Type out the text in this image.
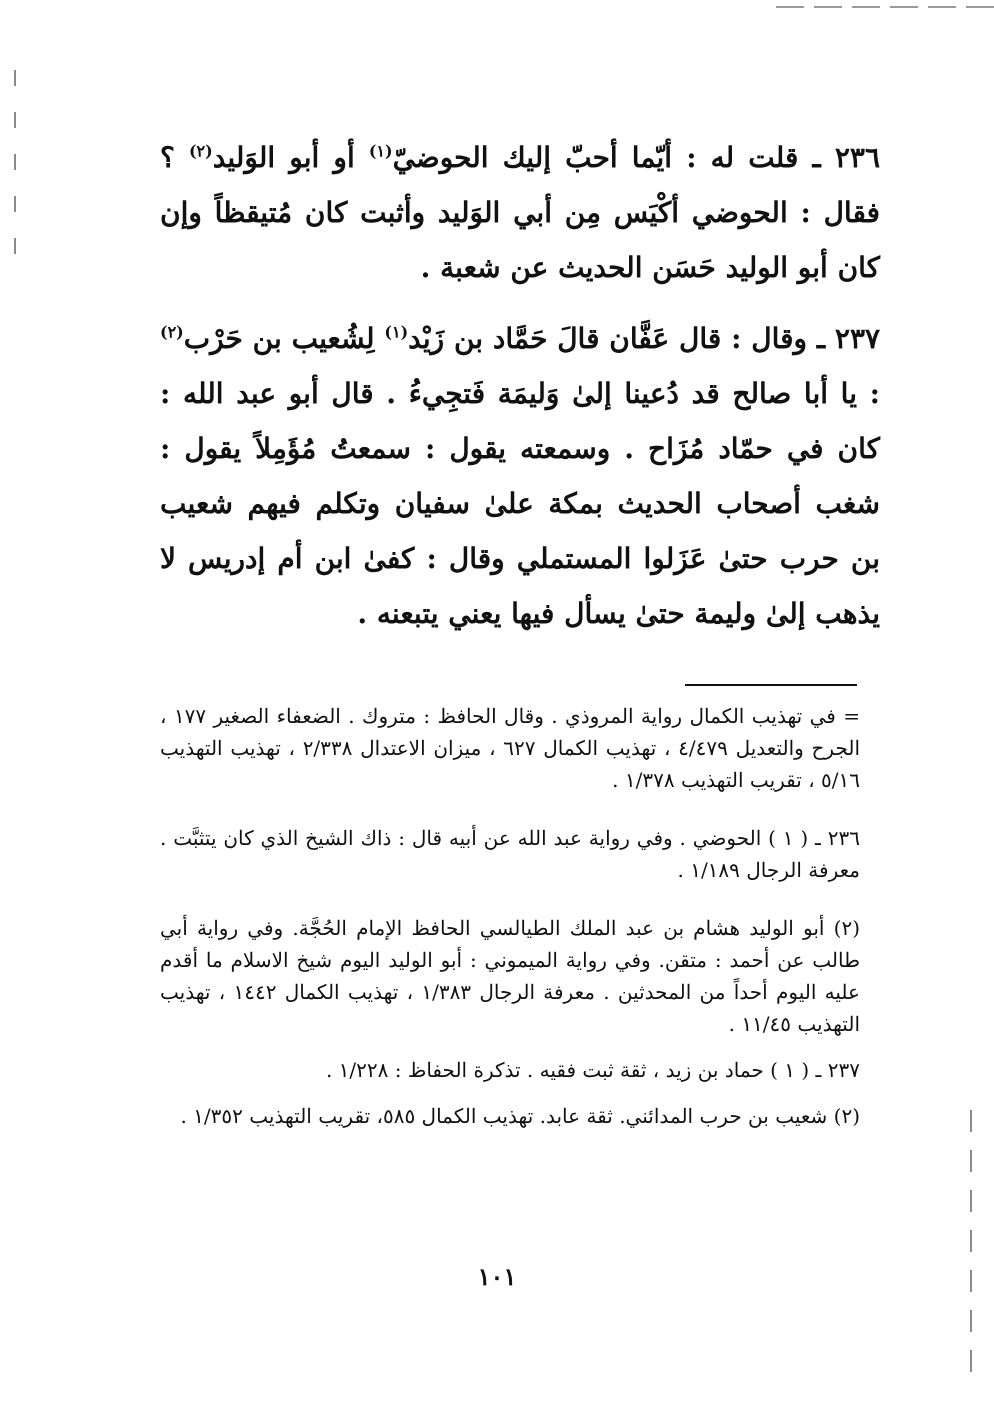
٢٣٦ ـ قلت له : أيّما أحبّ إليك الحوضيّ$^{(١)}$ أو أبو الوَليد$^{(٢)}$ ؟ فقال : الحوضي أكْيَس مِن أبي الوَليد وأثبت كان مُتيقظاً وإن كان أبو الوليد حَسَن الحديث عن شعبة .

٢٣٧ ـ وقال : قال عَفَّان قالَ حَمَّاد بن زَيْد$^{(١)}$ لِشُعيب بن حَرْب$^{(٢)}$ : يا أبا صالح قد دُعينا إلىٰ وَليمَة فَتجِيءُ . قال أبو عبد الله : كان في حمّاد مُزَاح . وسمعته يقول : سمعتُ مُؤَمِلاً يقول : شغب أصحاب الحديث بمكة علىٰ سفيان وتكلم فيهم شعيب بن حرب حتىٰ عَزَلوا المستملي وقال : كفىٰ ابن أم إدريس لا يذهب إلىٰ وليمة حتىٰ يسأل فيها يعني يتبعنه .

= في تهذيب الكمال رواية المروذي . وقال الحافظ : متروك . الضعفاء الصغير ١٧٧ ، الجرح والتعديل ٤/٤٧٩ ، تهذيب الكمال ٦٢٧ ، ميزان الاعتدال ٢/٣٣٨ ، تهذيب التهذيب ٥/١٦ ، تقريب التهذيب ١/٣٧٨ .

٢٣٦ ـ ( ١ ) الحوضي . وفي رواية عبد الله عن أبيه قال : ذاك الشيخ الذي كان يتثبَّت . معرفة الرجال ١/١٨٩ .

(٢) أبو الوليد هشام بن عبد الملك الطيالسي الحافظ الإمام الحُجَّة. وفي رواية أبي طالب عن أحمد : متقن. وفي رواية الميموني : أبو الوليد اليوم شيخ الاسلام ما أقدم عليه اليوم أحداً من المحدثين . معرفة الرجال ١/٣٨٣ ، تهذيب الكمال ١٤٤٢ ، تهذيب التهذيب ١١/٤٥ .

٢٣٧ ـ ( ١ ) حماد بن زيد ، ثقة ثبت فقيه . تذكرة الحفاظ : ١/٢٢٨ .

(٢) شعيب بن حرب المدائني. ثقة عابد. تهذيب الكمال ٥٨٥، تقريب التهذيب ١/٣٥٢ .

١٠١
